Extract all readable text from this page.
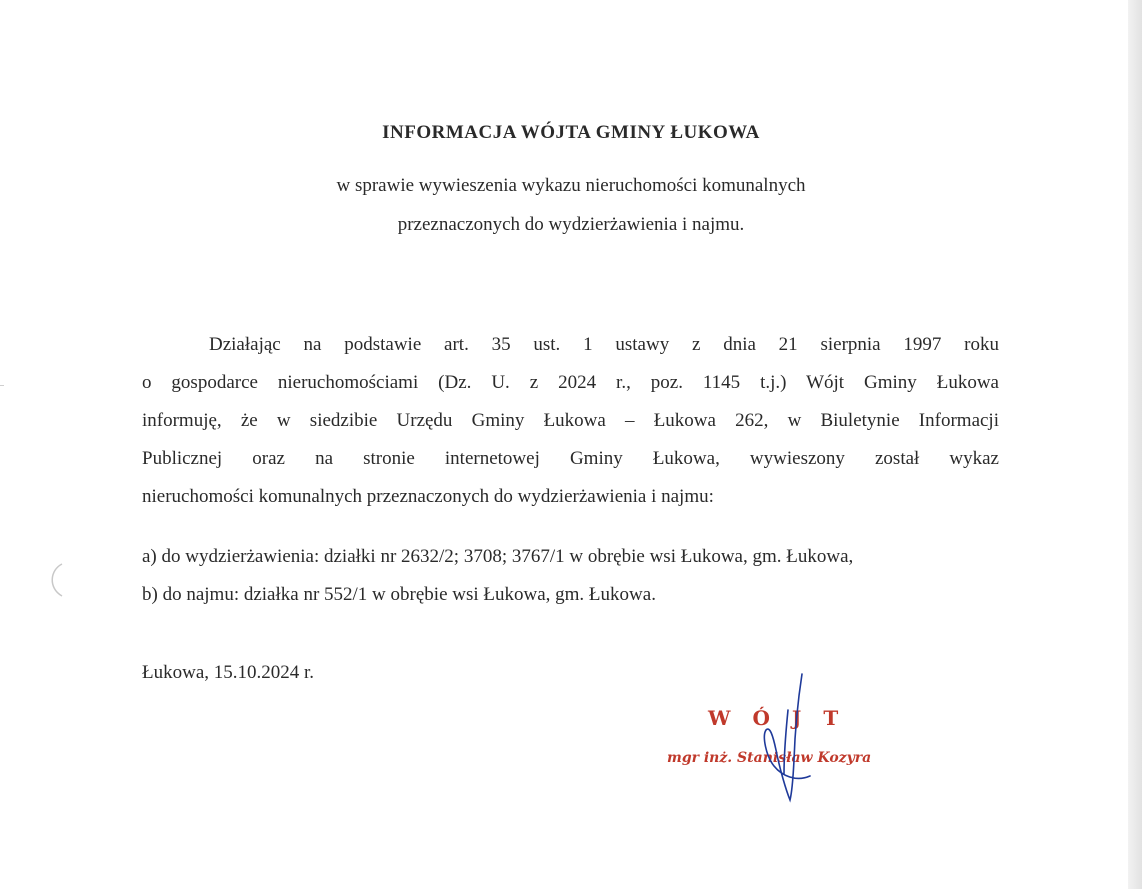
INFORMACJA WÓJTA GMINY ŁUKOWA
w sprawie wywieszenia wykazu nieruchomości komunalnych
przeznaczonych do wydzierżawienia i najmu.
Działając na podstawie art. 35 ust. 1 ustawy z dnia 21 sierpnia 1997 roku
o gospodarce nieruchomościami (Dz. U. z 2024 r., poz. 1145 t.j.) Wójt Gminy Łukowa
informuję, że w siedzibie Urzędu Gminy Łukowa – Łukowa 262, w Biuletynie Informacji
Publicznej oraz na stronie internetowej Gminy Łukowa, wywieszony został wykaz
nieruchomości komunalnych przeznaczonych do wydzierżawienia i najmu:
a) do wydzierżawienia: działki nr 2632/2; 3708; 3767/1 w obrębie wsi Łukowa, gm. Łukowa,
b) do najmu: działka nr 552/1 w obrębie wsi Łukowa, gm. Łukowa.
Łukowa, 15.10.2024 r.
WÓJT
mgr inż. Stanisław Kozyra
